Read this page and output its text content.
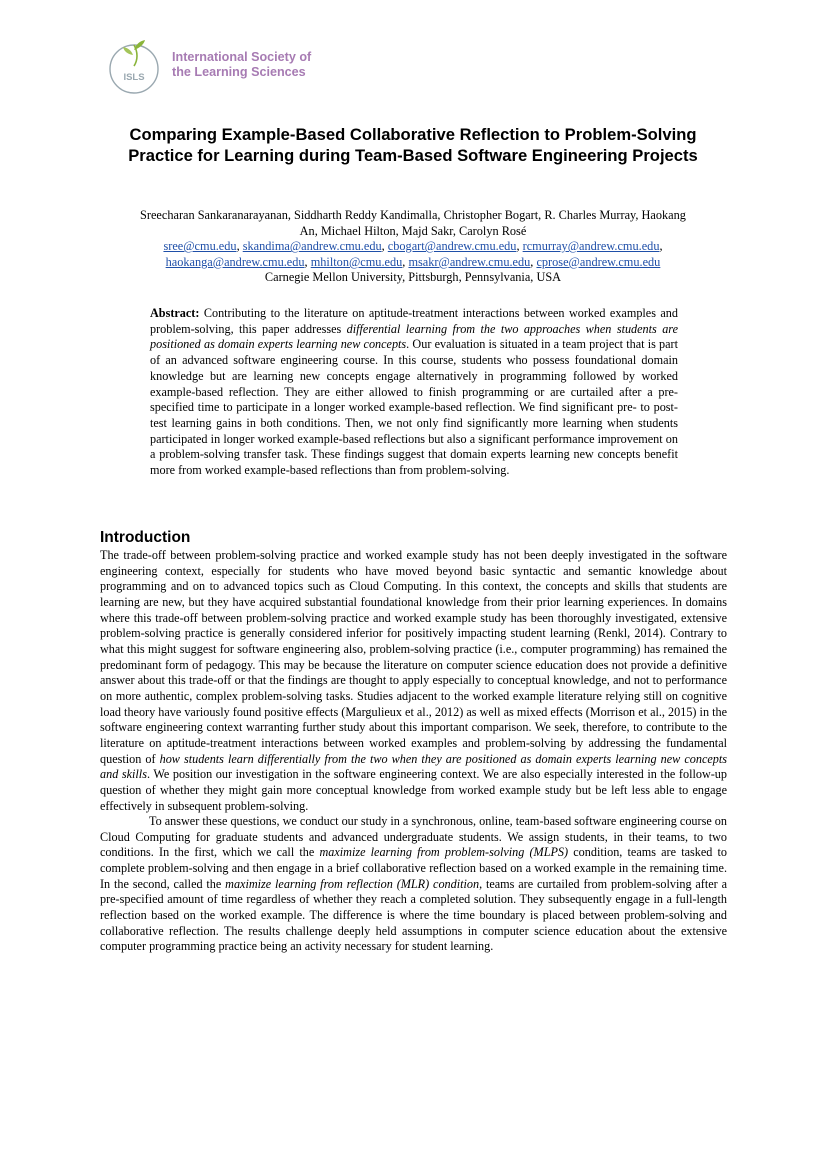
ISLS
International Society of
the Learning Sciences
Comparing Example-Based Collaborative Reflection to Problem-Solving Practice for Learning during Team-Based Software Engineering Projects
Sreecharan Sankaranarayanan, Siddharth Reddy Kandimalla, Christopher Bogart, R. Charles Murray, Haokang
An, Michael Hilton, Majd Sakr, Carolyn Rosé
sree@cmu.edu, skandima@andrew.cmu.edu, cbogart@andrew.cmu.edu, rcmurray@andrew.cmu.edu,
haokanga@andrew.cmu.edu, mhilton@cmu.edu, msakr@andrew.cmu.edu, cprose@andrew.cmu.edu
Carnegie Mellon University, Pittsburgh, Pennsylvania, USA

Abstract: Contributing to the literature on aptitude-treatment interactions between worked examples and problem-solving, this paper addresses differential learning from the two approaches when students are positioned as domain experts learning new concepts. Our evaluation is situated in a team project that is part of an advanced software engineering course. In this course, students who possess foundational domain knowledge but are learning new concepts engage alternatively in programming followed by worked example-based reflection. They are either allowed to finish programming or are curtailed after a pre-specified time to participate in a longer worked example-based reflection. We find significant pre- to post-test learning gains in both conditions. Then, we not only find significantly more learning when students participated in longer worked example-based reflections but also a significant performance improvement on a problem-solving transfer task. These findings suggest that domain experts learning new concepts benefit more from worked example-based reflections than from problem-solving.

Introduction

The trade-off between problem-solving practice and worked example study has not been deeply investigated in the software engineering context, especially for students who have moved beyond basic syntactic and semantic knowledge about programming and on to advanced topics such as Cloud Computing. In this context, the concepts and skills that students are learning are new, but they have acquired substantial foundational knowledge from their prior learning experiences. In domains where this trade-off between problem-solving practice and worked example study has been thoroughly investigated, extensive problem-solving practice is generally considered inferior for positively impacting student learning (Renkl, 2014). Contrary to what this might suggest for software engineering also, problem-solving practice (i.e., computer programming) has remained the predominant form of pedagogy. This may be because the literature on computer science education does not provide a definitive answer about this trade-off or that the findings are thought to apply especially to conceptual knowledge, and not to performance on more authentic, complex problem-solving tasks. Studies adjacent to the worked example literature relying still on cognitive load theory have variously found positive effects (Margulieux et al., 2012) as well as mixed effects (Morrison et al., 2015) in the software engineering context warranting further study about this important comparison. We seek, therefore, to contribute to the literature on aptitude-treatment interactions between worked examples and problem-solving by addressing the fundamental question of how students learn differentially from the two when they are positioned as domain experts learning new concepts and skills. We position our investigation in the software engineering context. We are also especially interested in the follow-up question of whether they might gain more conceptual knowledge from worked example study but be left less able to engage effectively in subsequent problem-solving.

To answer these questions, we conduct our study in a synchronous, online, team-based software engineering course on Cloud Computing for graduate students and advanced undergraduate students. We assign students, in their teams, to two conditions. In the first, which we call the maximize learning from problem-solving (MLPS) condition, teams are tasked to complete problem-solving and then engage in a brief collaborative reflection based on a worked example in the remaining time. In the second, called the maximize learning from reflection (MLR) condition, teams are curtailed from problem-solving after a pre-specified amount of time regardless of whether they reach a completed solution. They subsequently engage in a full-length reflection based on the worked example. The difference is where the time boundary is placed between problem-solving and collaborative reflection. The results challenge deeply held assumptions in computer science education about the extensive computer programming practice being an activity necessary for student learning.
